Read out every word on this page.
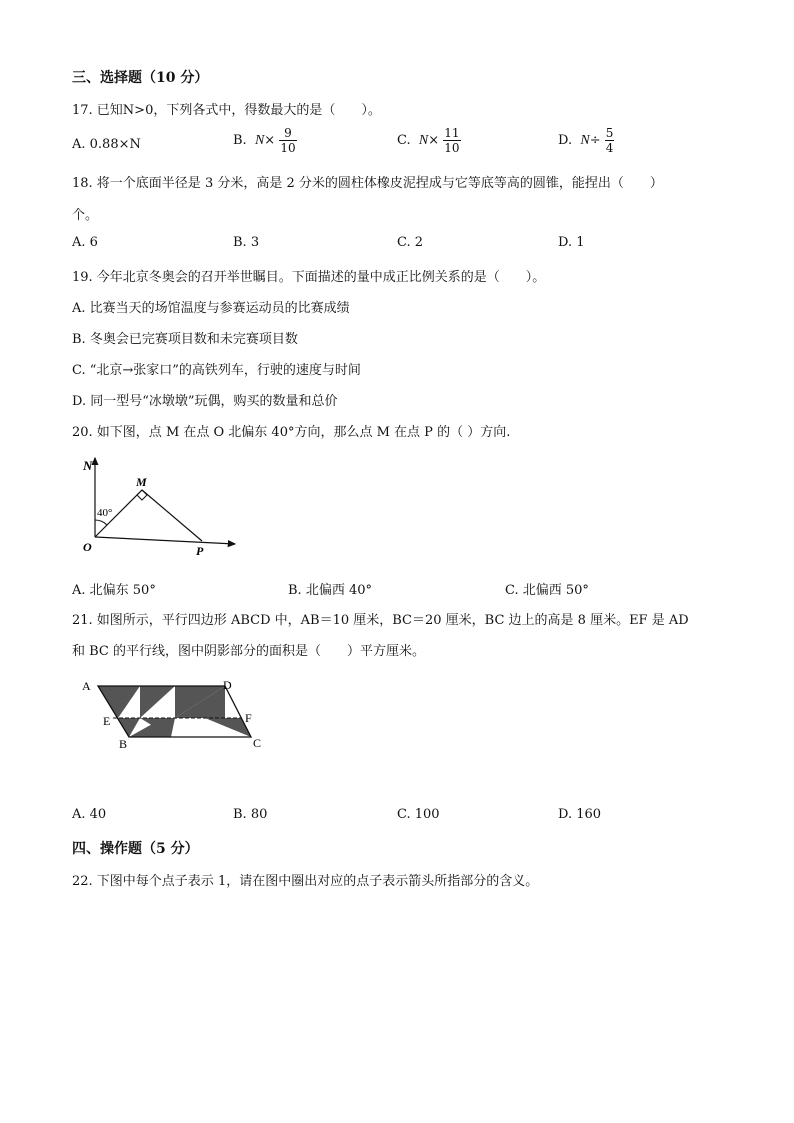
三、选择题（10 分）
17. 已知N>0，下列各式中，得数最大的是（　　）。
A. 0.88×N	B. $N\times \frac{9}{10}$	C. $N\times \frac{11}{10}$	D. $N\div \frac{5}{4}$
18. 将一个底面半径是 3 分米，高是 2 分米的圆柱体橡皮泥捏成与它等底等高的圆锥，能捏出（　　）
个。
A. 6	B. 3	C. 2	D. 1
19. 今年北京冬奥会的召开举世瞩目。下面描述的量中成正比例关系的是（　　）。
A. 比赛当天的场馆温度与参赛运动员的比赛成绩
B. 冬奥会已完赛项目数和未完赛项目数
C. “北京→张家口”的高铁列车，行驶的速度与时间
D. 同一型号“冰墩墩”玩偶，购买的数量和总价
20. 如下图，点 M 在点 O 北偏东 40°方向，那么点 M 在点 P 的（ ）方向.
N
M
O	P
40°
A. 北偏东 50°	B. 北偏西 40°	C. 北偏西 50°
21. 如图所示，平行四边形 ABCD 中，AB＝10 厘米，BC＝20 厘米，BC 边上的高是 8 厘米。EF 是 AD
和 BC 的平行线，图中阴影部分的面积是（　　）平方厘米。
A	D
E	F
B	C
A. 40	B. 80	C. 100	D. 160
四、操作题（5 分）
22. 下图中每个点子表示 1，请在图中圈出对应的点子表示箭头所指部分的含义。
